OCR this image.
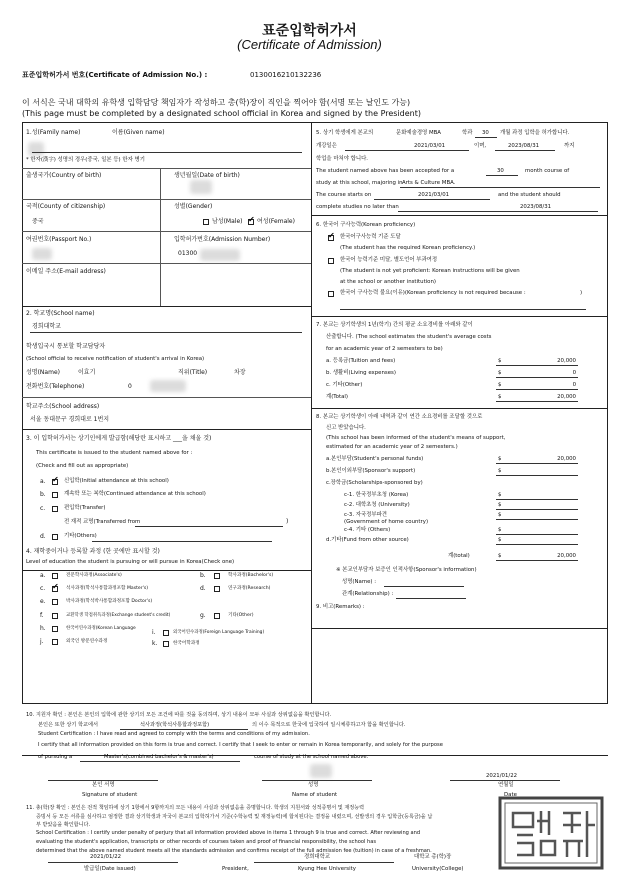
표준입학허가서
(Certificate of Admission)
표준입학허가서 번호(Certificate of Admission No.) :	0130016210132236
이 서식은 국내 대학의 유학생 입학담당 책임자가 작성하고 총(학)장이 직인을 찍어야 함(서명 또는 날인도 가능)
(This page must be completed by a designated school official in Korea and signed by the President)
1.성(Family name)	이름(Given name)
* 한자(漢字) 성명의 경우(중국, 일본 등) 한자 병기
출생국가(Country of birth)	생년월일(Date of birth)
국적(County of citizenship)
중국
성별(Gender)
남성(Male) ✔ 여성(Female)
여권번호(Passport No.)	입학허가번호(Admission Number)
01300
이메일 주소(E-mail address)
2. 학교명(School name)
경희대학교
학생입국시 통보할 학교담당자
(School official to receive notification of student's arrival in Korea)
성명(Name)	이효기	직위(Title)	차장
전화번호(Telephone)	0
학교주소(School address)
서울 동대문구 경희대로 1번지
3. 이 입학허가서는 상기인에게 발급함(해당란 표시하고 ___을 채울 것)
This certificate is issued to the student named above for :
(Check and fill out as appropriate)
a. ✔	신입학(Initial attendance at this school)
b.	계속학 또는 복학(Continued attendance at this school)
c.	편입학(Transfer)
전 재적 교명(Transferred from	)
d.	기타(Others)
4. 재학중이거나 등록할 과정 (한 곳에만 표시할 것)
Level of education the student is pursuing or will pursue in Korea(Check one)
a.	전문학사과정(Associate's)	b.	학사과정(Bachelor's)
c. ✔	석사과정(학석사통합과정포함 Master's)	d.	연구과정(Research)
e.	박사과정(학석박사통합과정포함 Doctor's)
f.	교환학생 학점취득과정(Exchange student's credit)	g.	기타(Other)
h.	한국어연수과정(Korean Language
i.	외국어연수과정(Foreign Language Training)
j.	외국인 방문연수과정	k.	한국어학과정
5. 상기 학생에게 본교의	문화예술경영 MBA	학과 30 개월 과정 입학을 허가합니다.
개강일은	2021/03/01	이며,	2023/08/31	까지
학업을 마쳐야 합니다.
The student named above has been accepted for a	30	month course of
study at this school, majoring in Arts & Culture MBA.
The course starts on	2021/03/01	and the student should
complete studies no later than	2023/08/31
6. 한국어 구사능력(Korean proficiency)
✔
한국어구사능력 기준 도달
(The student has the required Korean proficiency.)
한국어 능력기준 미달, 별도언어 부과여정
(The student is not yet proficient: Korean instructions will be given
at the school or another institution)
한국어 구사능력 불요(이유)(Korean proficiency is not required because :	)
7. 본교는 상기학생의 1년(학기) 간의 평균 소요경비를 아래와 같이
산출합니다. (The school estimates the student's average costs
for an academic year of 2 semesters to be)
a. 등록금(Tuition and fees)	$	20,000
b. 생활비(Living expenses)	$	0
c. 기타(Other)	$	0
계(Total)	$	20,000
8. 본교는 상기학생이 아래 내역과 같이 연간 소요경비를 조달할 것으로
신고 받았습니다.
(This school has been informed of the student's means of support,
estimated for an academic year of 2 semesters.)
a.본인부담(Student's personal funds)	$	20,000
b.본인이외부담(Sponsor's support)	$
c.장학금(Scholarships-sponsored by)
c-1. 한국정부초청 (Korea)	$
c-2. 대학초청 (University)	$
c-3. 자국정부파견	$
(Government of home country)
c-4. 기타 (Others)	$
d.기타(Fund from other source)	$
계(total)	$	20,000
※ 본교인부담자 보증인 인적사항(Sponsor's information)
성명(Name) :
관계(Relationship) :
9. 비고(Remarks) :
10. 지원자 확인 : 본인은 본인의 입학에 관한 상기의 모든 조건에 따를 것을 동의하며, 상기 내용이 모두 사실과 상위없음을 확인합니다.
본인은 또한 상기 학교에서	석사과정(학석사통합과정포함)	의 이수 목적으로 한국에 입국하여 일시체류하고자 함을 확인합니다.
Student Certification : I have read and agreed to comply with the terms and conditions of my admission.
I certify that all information provided on this form is true and correct. I certify that I seek to enter or remain in Korea temporarily, and solely for the purpose
of pursuing a	Master's(combined bachelor's & master's)	course of study at the school named above.
2021/01/22
본인 서명	성명	연월일
Signature of student	Name of student	Date
11. 총(학)장 확인 : 본인은 전적 책임하에 상기 1항에서 9항까지의 모든 내용이 사실과 상위없음을 증명합니다. 학생의 지원서와 성적증명서 및 재정능력
증빙서 등 모든 서류를 심사하고 엄정한 결과 상기학생과 자국이 본교의 입학허가서 기준(수학능력 및 재정능력)에 합치된다는 결정을 내렸으며, 선발생의 경우 입학금(등록금)을 납
부 받았음을 확인합니다.
School Certification : I certify under penalty of perjury that all information provided above in items 1 through 9 is true and correct. After reviewing and
evaluating the student's application, transcripts or other records of courses taken and proof of financial responsibility, the school has
determined that the above named student meets all the standards admission and confirms receipt of the full admission fee (tuition) in case of a freshman.
2021/01/22	경희대학교	대학교 총(학)장
발급일(Date issued)	President,	Kyung Hee University	University(College)
